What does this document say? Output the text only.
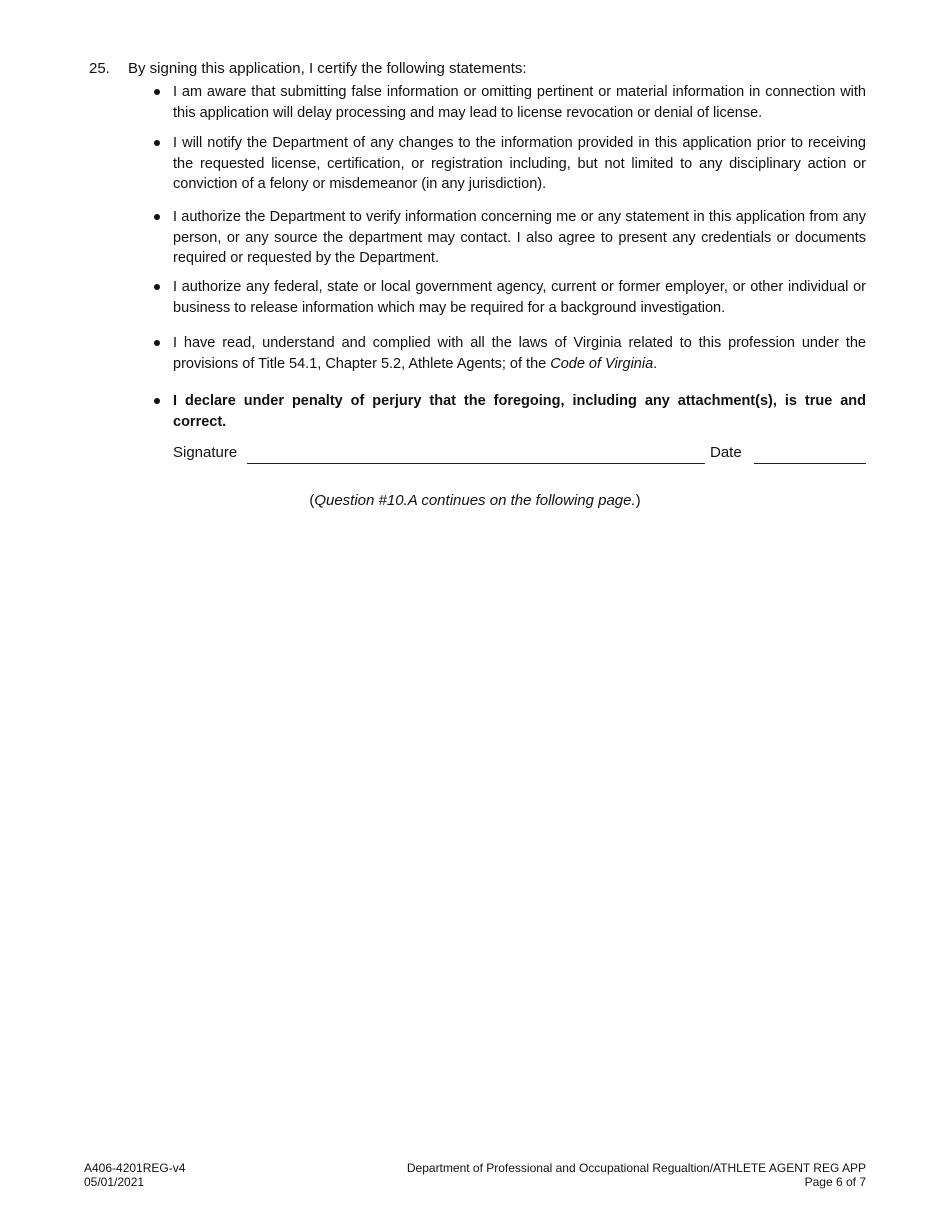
25. By signing this application, I certify the following statements:
I am aware that submitting false information or omitting pertinent or material information in connection with this application will delay processing and may lead to license revocation or denial of license.
I will notify the Department of any changes to the information provided in this application prior to receiving the requested license, certification, or registration including, but not limited to any disciplinary action or conviction of a felony or misdemeanor (in any jurisdiction).
I authorize the Department to verify information concerning me or any statement in this application from any person, or any source the department may contact. I also agree to present any credentials or documents required or requested by the Department.
I authorize any federal, state or local government agency, current or former employer, or other individual or business to release information which may be required for a background investigation.
I have read, understand and complied with all the laws of Virginia related to this profession under the provisions of Title 54.1, Chapter 5.2, Athlete Agents; of the Code of Virginia.
I declare under penalty of perjury that the foregoing, including any attachment(s), is true and correct.
Signature	Date
(Question #10.A continues on the following page.)
A406-4201REG-v4
05/01/2021
Department of Professional and Occupational Regualtion/ATHLETE AGENT REG APP
Page 6 of 7
